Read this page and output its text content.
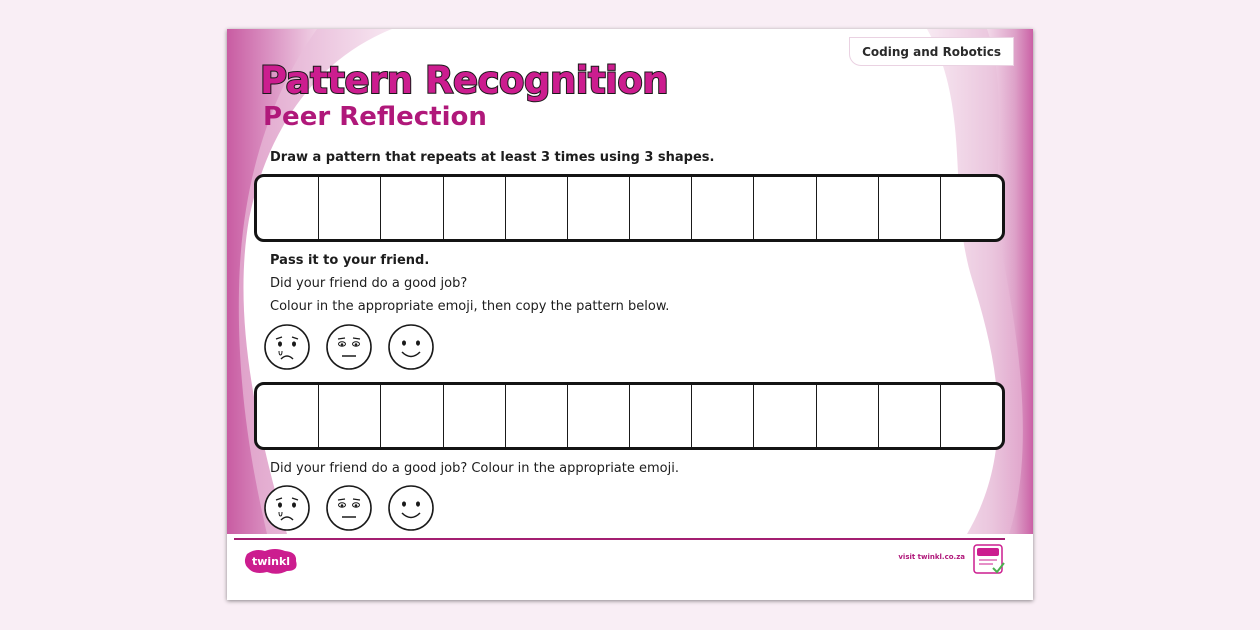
Coding and Robotics
Pattern Recognition
Peer Reflection
Draw a pattern that repeats at least 3 times using 3 shapes.
Pass it to your friend.
Did your friend do a good job?
Colour in the appropriate emoji, then copy the pattern below.
Did your friend do a good job? Colour in the appropriate emoji.
twinkl	visit twinkl.co.za
